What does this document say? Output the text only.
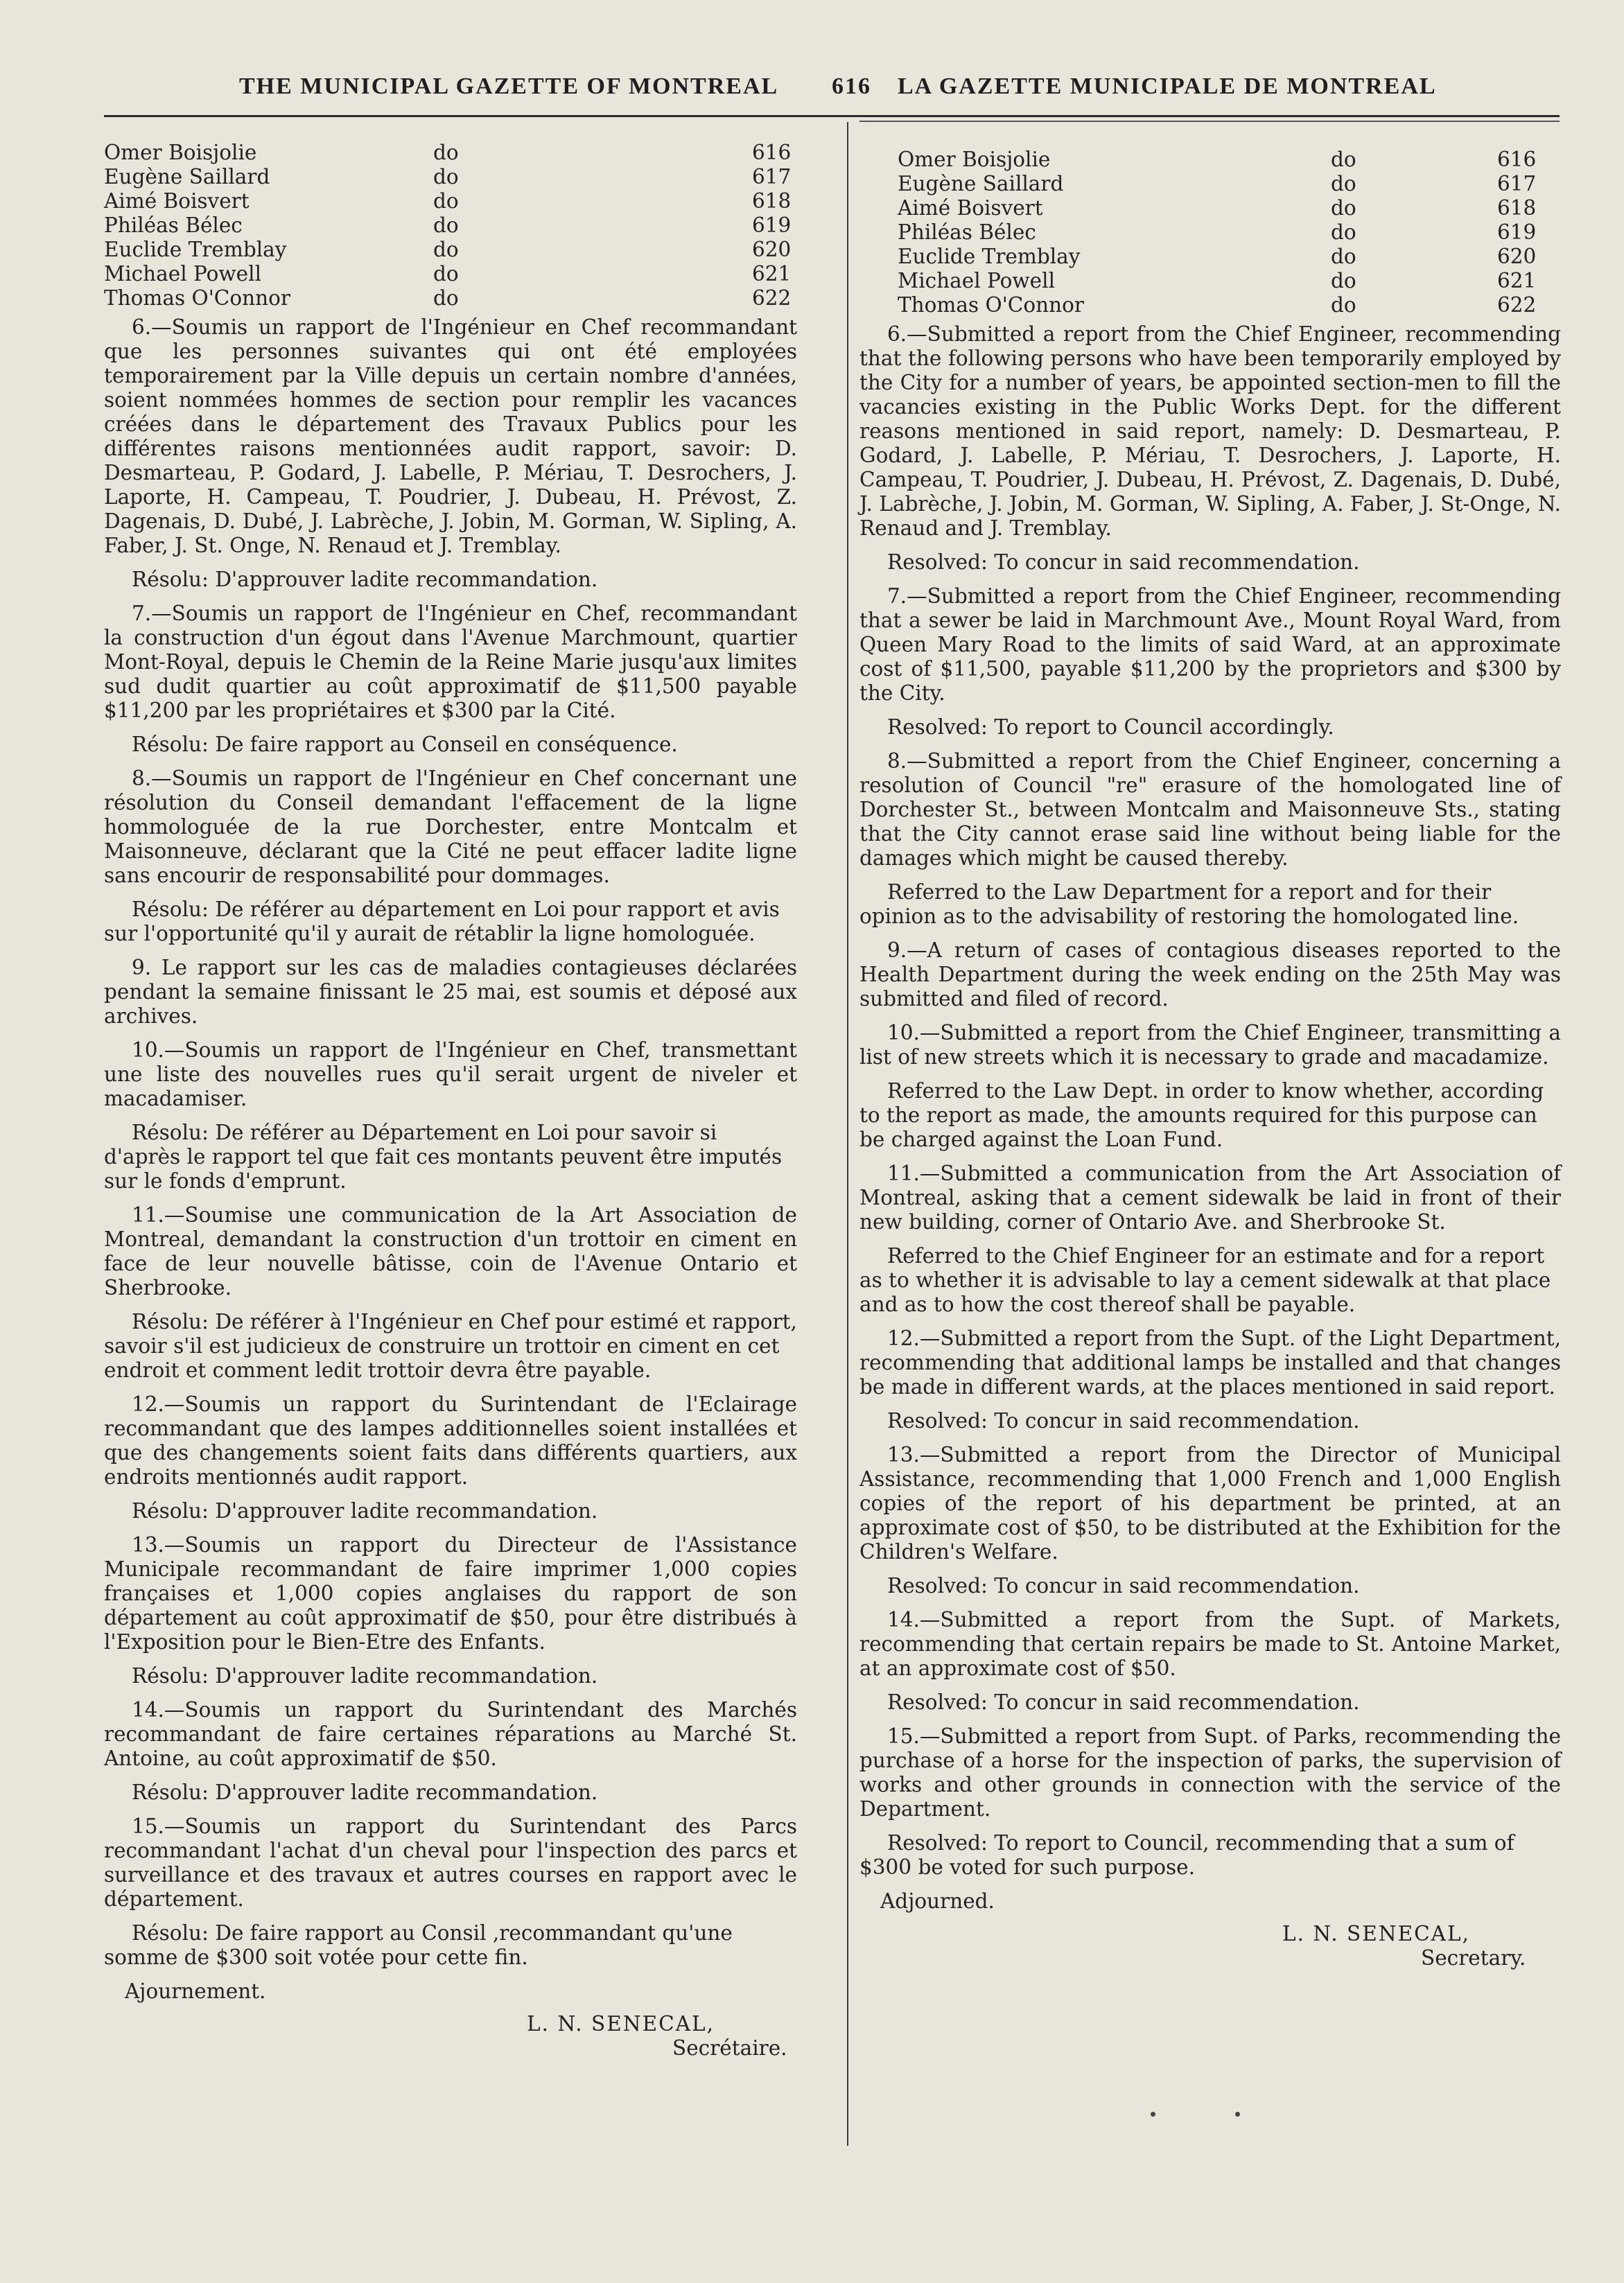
THE MUNICIPAL GAZETTE OF MONTREAL 616 LA GAZETTE MUNICIPALE DE MONTREAL
Omer Boisjolie	do	616
Eugène Saillard	do	617
Aimé Boisvert	do	618
Philéas Bélec	do	619
Euclide Tremblay	do	620
Michael Powell	do	621
Thomas O'Connor	do	622

6.—Soumis un rapport de l'Ingénieur en Chef recommandant que les personnes suivantes qui ont été employées temporairement par la Ville depuis un certain nombre d'années, soient nommées hommes de section pour remplir les vacances créées dans le département des Travaux Publics pour les différentes raisons mentionnées audit rapport, savoir: D. Desmarteau, P. Godard, J. Labelle, P. Mériau, T. Desrochers, J. Laporte, H. Campeau, T. Poudrier, J. Dubeau, H. Prévost, Z. Dagenais, D. Dubé, J. Labrèche, J. Jobin, M. Gorman, W. Sipling, A. Faber, J. St. Onge, N. Renaud et J. Tremblay.

Résolu: D'approuver ladite recommandation.

7.—Soumis un rapport de l'Ingénieur en Chef, recommandant la construction d'un égout dans l'Avenue Marchmount, quartier Mont-Royal, depuis le Chemin de la Reine Marie jusqu'aux limites sud dudit quartier au coût approximatif de $11,500 payable $11,200 par les propriétaires et $300 par la Cité.

Résolu: De faire rapport au Conseil en conséquence.

8.—Soumis un rapport de l'Ingénieur en Chef concernant une résolution du Conseil demandant l'effacement de la ligne hommologuée de la rue Dorchester, entre Montcalm et Maisonneuve, déclarant que la Cité ne peut effacer ladite ligne sans encourir de responsabilité pour dommages.

Résolu: De référer au département en Loi pour rapport et avis sur l'opportunité qu'il y aurait de rétablir la ligne homologuée.

9. Le rapport sur les cas de maladies contagieuses déclarées pendant la semaine finissant le 25 mai, est soumis et déposé aux archives.

10.—Soumis un rapport de l'Ingénieur en Chef, transmettant une liste des nouvelles rues qu'il serait urgent de niveler et macadamiser.

Résolu: De référer au Département en Loi pour savoir si d'après le rapport tel que fait ces montants peuvent être imputés sur le fonds d'emprunt.

11.—Soumise une communication de la Art Association de Montreal, demandant la construction d'un trottoir en ciment en face de leur nouvelle bâtisse, coin de l'Avenue Ontario et Sherbrooke.

Résolu: De référer à l'Ingénieur en Chef pour estimé et rapport, savoir s'il est judicieux de construire un trottoir en ciment en cet endroit et comment ledit trottoir devra être payable.

12.—Soumis un rapport du Surintendant de l'Eclairage recommandant que des lampes additionnelles soient installées et que des changements soient faits dans différents quartiers, aux endroits mentionnés audit rapport.

Résolu: D'approuver ladite recommandation.

13.—Soumis un rapport du Directeur de l'Assistance Municipale recommandant de faire imprimer 1,000 copies françaises et 1,000 copies anglaises du rapport de son département au coût approximatif de $50, pour être distribués à l'Exposition pour le Bien-Etre des Enfants.

Résolu: D'approuver ladite recommandation.

14.—Soumis un rapport du Surintendant des Marchés recommandant de faire certaines réparations au Marché St. Antoine, au coût approximatif de $50.

Résolu: D'approuver ladite recommandation.

15.—Soumis un rapport du Surintendant des Parcs recommandant l'achat d'un cheval pour l'inspection des parcs et surveillance et des travaux et autres courses en rapport avec le département.

Résolu: De faire rapport au Consil ,recommandant qu'une somme de $300 soit votée pour cette fin.

Ajournement.

L. N. SENECAL,
Secrétaire.
Omer Boisjolie	do	616
Eugène Saillard	do	617
Aimé Boisvert	do	618
Philéas Bélec	do	619
Euclide Tremblay	do	620
Michael Powell	do	621
Thomas O'Connor	do	622

6.—Submitted a report from the Chief Engineer, recommending that the following persons who have been temporarily employed by the City for a number of years, be appointed section-men to fill the vacancies existing in the Public Works Dept. for the different reasons mentioned in said report, namely: D. Desmarteau, P. Godard, J. Labelle, P. Mériau, T. Desrochers, J. Laporte, H. Campeau, T. Poudrier, J. Dubeau, H. Prévost, Z. Dagenais, D. Dubé, J. Labrèche, J. Jobin, M. Gorman, W. Sipling, A. Faber, J. St-Onge, N. Renaud and J. Tremblay.

Resolved: To concur in said recommendation.

7.—Submitted a report from the Chief Engineer, recommending that a sewer be laid in Marchmount Ave., Mount Royal Ward, from Queen Mary Road to the limits of said Ward, at an approximate cost of $11,500, payable $11,200 by the proprietors and $300 by the City.

Resolved: To report to Council accordingly.

8.—Submitted a report from the Chief Engineer, concerning a resolution of Council "re" erasure of the homologated line of Dorchester St., between Montcalm and Maisonneuve Sts., stating that the City cannot erase said line without being liable for the damages which might be caused thereby.

Referred to the Law Department for a report and for their opinion as to the advisability of restoring the homologated line.

9.—A return of cases of contagious diseases reported to the Health Department during the week ending on the 25th May was submitted and filed of record.

10.—Submitted a report from the Chief Engineer, transmitting a list of new streets which it is necessary to grade and macadamize.

Referred to the Law Dept. in order to know whether, according to the report as made, the amounts required for this purpose can be charged against the Loan Fund.

11.—Submitted a communication from the Art Association of Montreal, asking that a cement sidewalk be laid in front of their new building, corner of Ontario Ave. and Sherbrooke St.

Referred to the Chief Engineer for an estimate and for a report as to whether it is advisable to lay a cement sidewalk at that place and as to how the cost thereof shall be payable.

12.—Submitted a report from the Supt. of the Light Department, recommending that additional lamps be installed and that changes be made in different wards, at the places mentioned in said report.

Resolved: To concur in said recommendation.

13.—Submitted a report from the Director of Municipal Assistance, recommending that 1,000 French and 1,000 English copies of the report of his department be printed, at an approximate cost of $50, to be distributed at the Exhibition for the Children's Welfare.

Resolved: To concur in said recommendation.

14.—Submitted a report from the Supt. of Markets, recommending that certain repairs be made to St. Antoine Market, at an approximate cost of $50.

Resolved: To concur in said recommendation.

15.—Submitted a report from Supt. of Parks, recommending the purchase of a horse for the inspection of parks, the supervision of works and other grounds in connection with the service of the Department.

Resolved: To report to Council, recommending that a sum of $300 be voted for such purpose.

Adjourned.

L. N. SENECAL,
Secretary.
